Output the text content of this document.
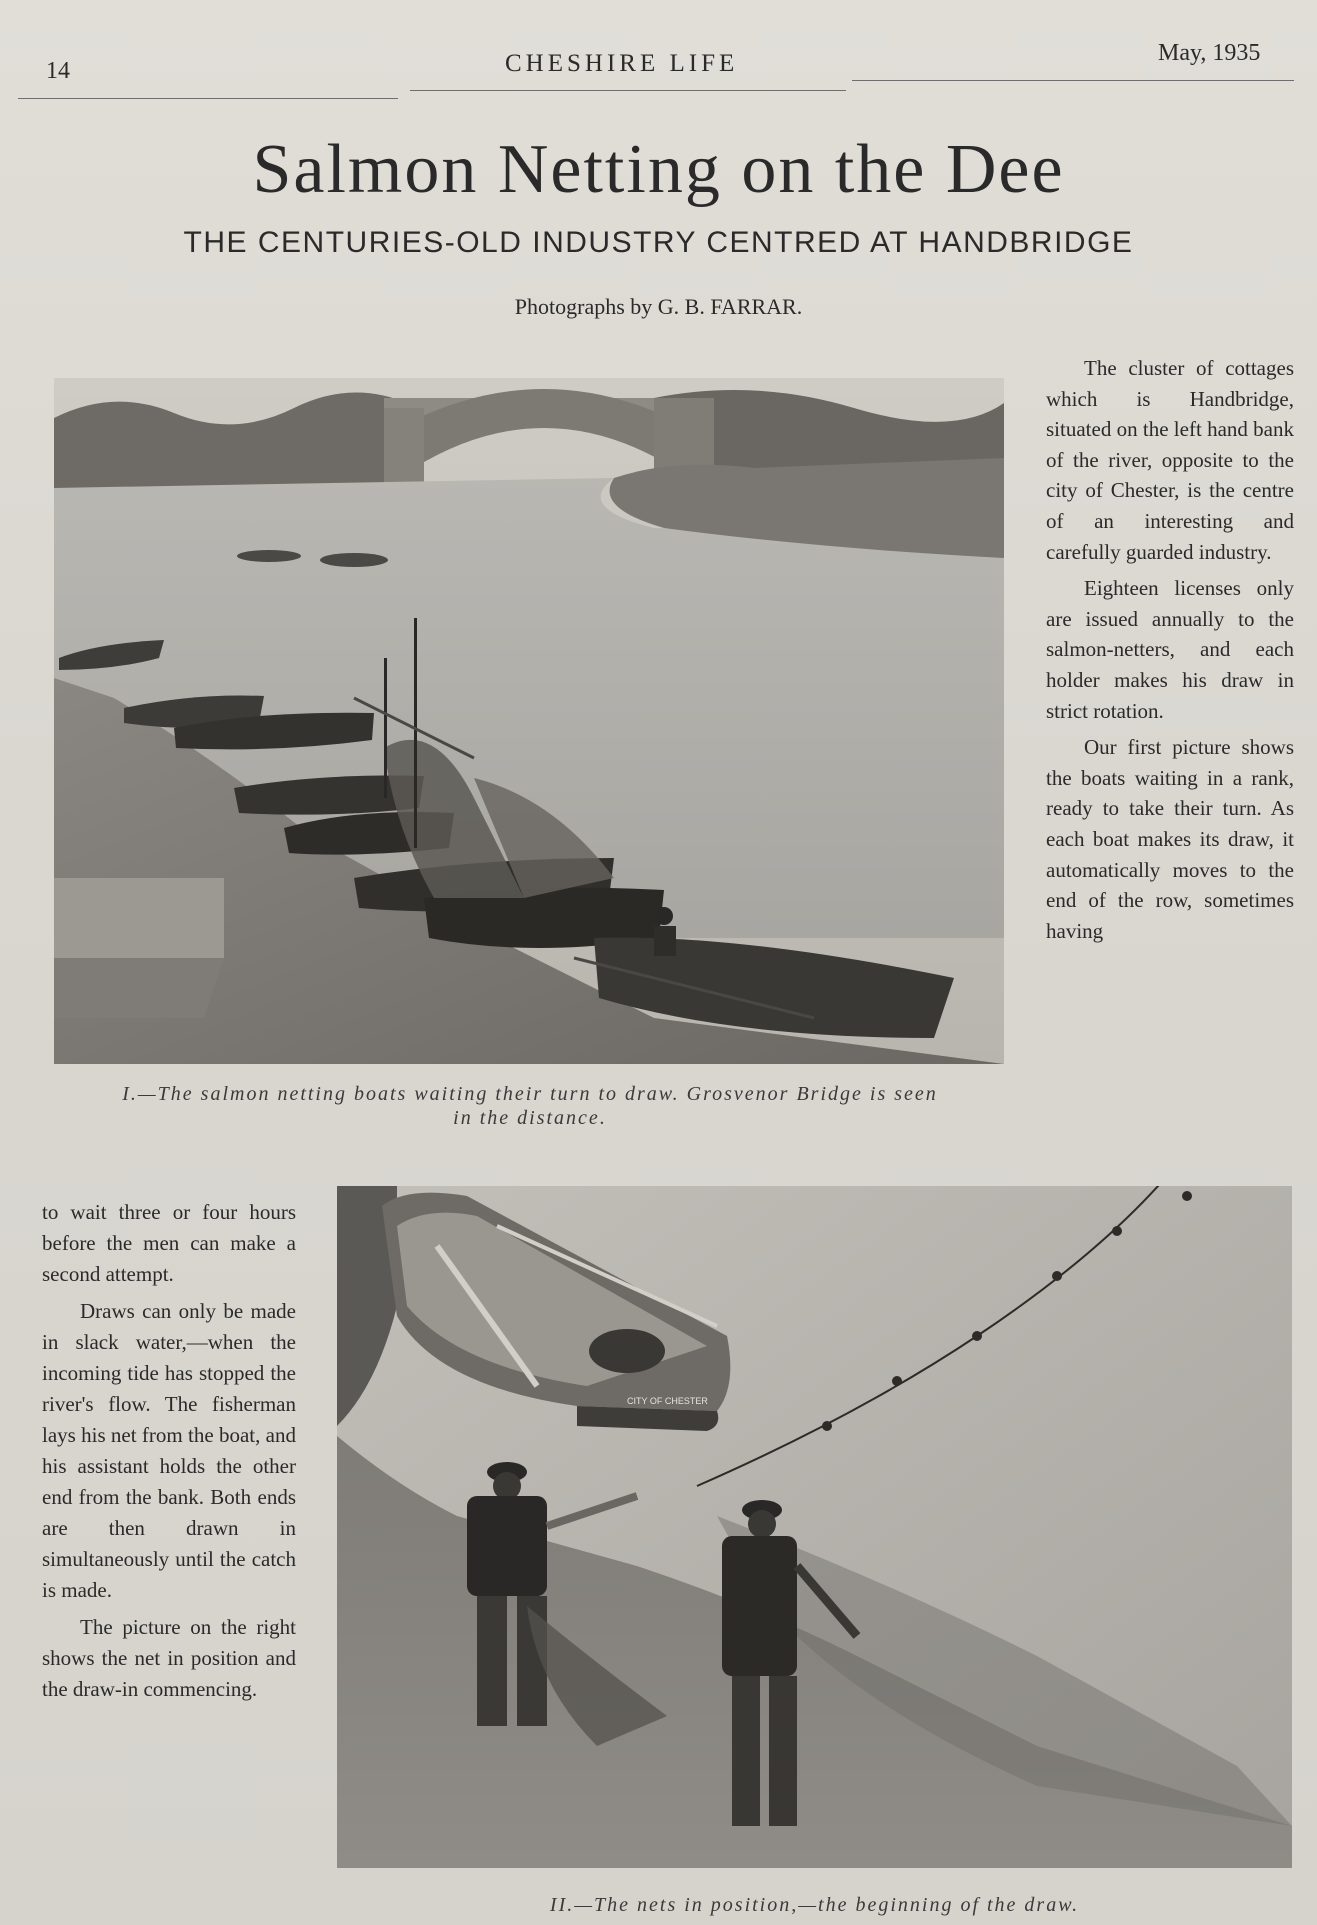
14	CHESHIRE LIFE	May, 1935
Salmon Netting on the Dee
THE CENTURIES-OLD INDUSTRY CENTRED AT HANDBRIDGE
Photographs by G. B. FARRAR.
I.—The salmon netting boats waiting their turn to draw. Grosvenor Bridge is seen
in the distance.

The cluster of cottages which is Handbridge, situated on the left hand bank of the river, opposite to the city of Chester, is the centre of an interesting and carefully guarded industry.

Eighteen licenses only are issued annually to the salmon-netters, and each holder makes his draw in strict rotation.

Our first picture shows the boats waiting in a rank, ready to take their turn. As each boat makes its draw, it automatically moves to the end of the row, sometimes having

CITY OF CHESTER

to wait three or four hours before the men can make a second attempt.

Draws can only be made in slack water,—when the incoming tide has stopped the river's flow. The fisherman lays his net from the boat, and his assistant holds the other end from the bank. Both ends are then drawn in simultaneously until the catch is made.

The picture on the right shows the net in position and the draw-in commencing.

II.—The nets in position,—the beginning of the draw.
